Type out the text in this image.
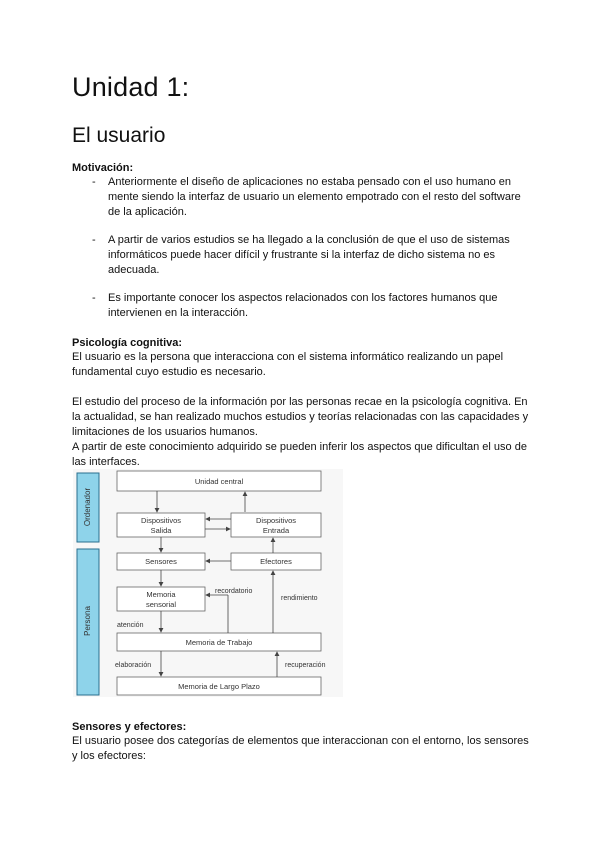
Unidad 1:
El usuario
Motivación:
- Anteriormente el diseño de aplicaciones no estaba pensado con el uso humano en mente siendo la interfaz de usuario un elemento empotrado con el resto del software de la aplicación.
- A partir de varios estudios se ha llegado a la conclusión de que el uso de sistemas informáticos puede hacer difícil y frustrante si la interfaz de dicho sistema no es adecuada.
- Es importante conocer los aspectos relacionados con los factores humanos que intervienen en la interacción.
Psicología cognitiva:
El usuario es la persona que interacciona con el sistema informático realizando un papel fundamental cuyo estudio es necesario.
El estudio del proceso de la información por las personas recae en la psicología cognitiva. En la actualidad, se han realizado muchos estudios y teorías relacionadas con las capacidades y limitaciones de los usuarios humanos.
A partir de este conocimiento adquirido se pueden inferir los aspectos que dificultan el uso de las interfaces.
Ordenador
Persona
Unidad central
Dispositivos
Salida
Dispositivos
Entrada
Sensores	Efectores
Memoria
sensorial
Memoria de Trabajo
Memoria de Largo Plazo
recordatorio
rendimiento
atención
elaboración	recuperación
Sensores y efectores:
El usuario posee dos categorías de elementos que interaccionan con el entorno, los sensores y los efectores:
